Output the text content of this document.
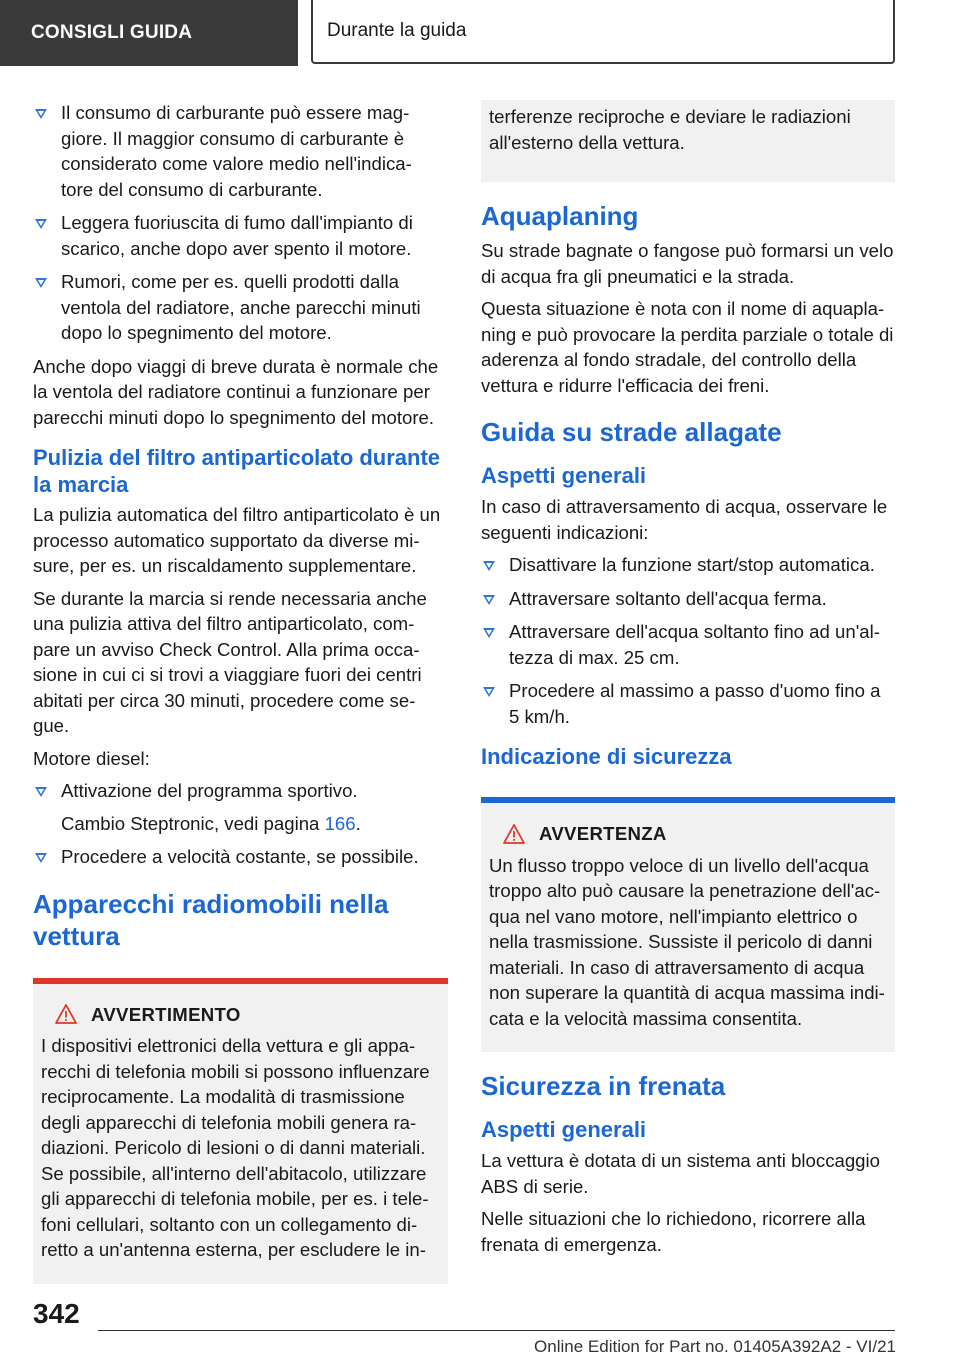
CONSIGLI GUIDA	Durante la guida
Il consumo di carburante può essere mag- giore. Il maggior consumo di carburante è considerato come valore medio nell'indica- tore del consumo di carburante.
Leggera fuoriuscita di fumo dall'impianto di scarico, anche dopo aver spento il motore.
Rumori, come per es. quelli prodotti dalla ventola del radiatore, anche parecchi minuti dopo lo spegnimento del motore.

Anche dopo viaggi di breve durata è normale che la ventola del radiatore continui a funzionare per parecchi minuti dopo lo spegnimento del motore.

Pulizia del filtro antiparticolato durante la marcia

La pulizia automatica del filtro antiparticolato è un processo automatico supportato da diverse mi- sure, per es. un riscaldamento supplementare.

Se durante la marcia si rende necessaria anche una pulizia attiva del filtro antiparticolato, com- pare un avviso Check Control. Alla prima occa- sione in cui ci si trovi a viaggiare fuori dei centri abitati per circa 30 minuti, procedere come se- gue.

Motore diesel:

Attivazione del programma sportivo.
Cambio Steptronic, vedi pagina 166.
Procedere a velocità costante, se possibile.
Apparecchi radiomobili nella vettura
AVVERTIMENTO

I dispositivi elettronici della vettura e gli appa- recchi di telefonia mobili si possono influenzare reciprocamente. La modalità di trasmissione degli apparecchi di telefonia mobili genera ra- diazioni. Pericolo di lesioni o di danni materiali. Se possibile, all'interno dell'abitacolo, utilizzare gli apparecchi di telefonia mobile, per es. i tele- foni cellulari, soltanto con un collegamento di- retto a un'antenna esterna, per escludere le in-

terferenze reciproche e deviare le radiazioni all'esterno della vettura.

Aquaplaning

Su strade bagnate o fangose può formarsi un velo di acqua fra gli pneumatici e la strada.

Questa situazione è nota con il nome di aquapla- ning e può provocare la perdita parziale o totale di aderenza al fondo stradale, del controllo della vettura e ridurre l'efficacia dei freni.

Guida su strade allagate
Aspetti generali

In caso di attraversamento di acqua, osservare le seguenti indicazioni:

Disattivare la funzione start/stop automatica.
Attraversare soltanto dell'acqua ferma.
Attraversare dell'acqua soltanto fino ad un'al- tezza di max. 25 cm.
Procedere al massimo a passo d'uomo fino a 5 km/h.
Indicazione di sicurezza
AVVERTENZA

Un flusso troppo veloce di un livello dell'acqua troppo alto può causare la penetrazione dell'ac- qua nel vano motore, nell'impianto elettrico o nella trasmissione. Sussiste il pericolo di danni materiali. In caso di attraversamento di acqua non superare la quantità di acqua massima indi- cata e la velocità massima consentita.

Sicurezza in frenata
Aspetti generali

La vettura è dotata di un sistema anti bloccaggio ABS di serie.

Nelle situazioni che lo richiedono, ricorrere alla frenata di emergenza.

342
Online Edition for Part no. 01405A392A2 - VI/21
